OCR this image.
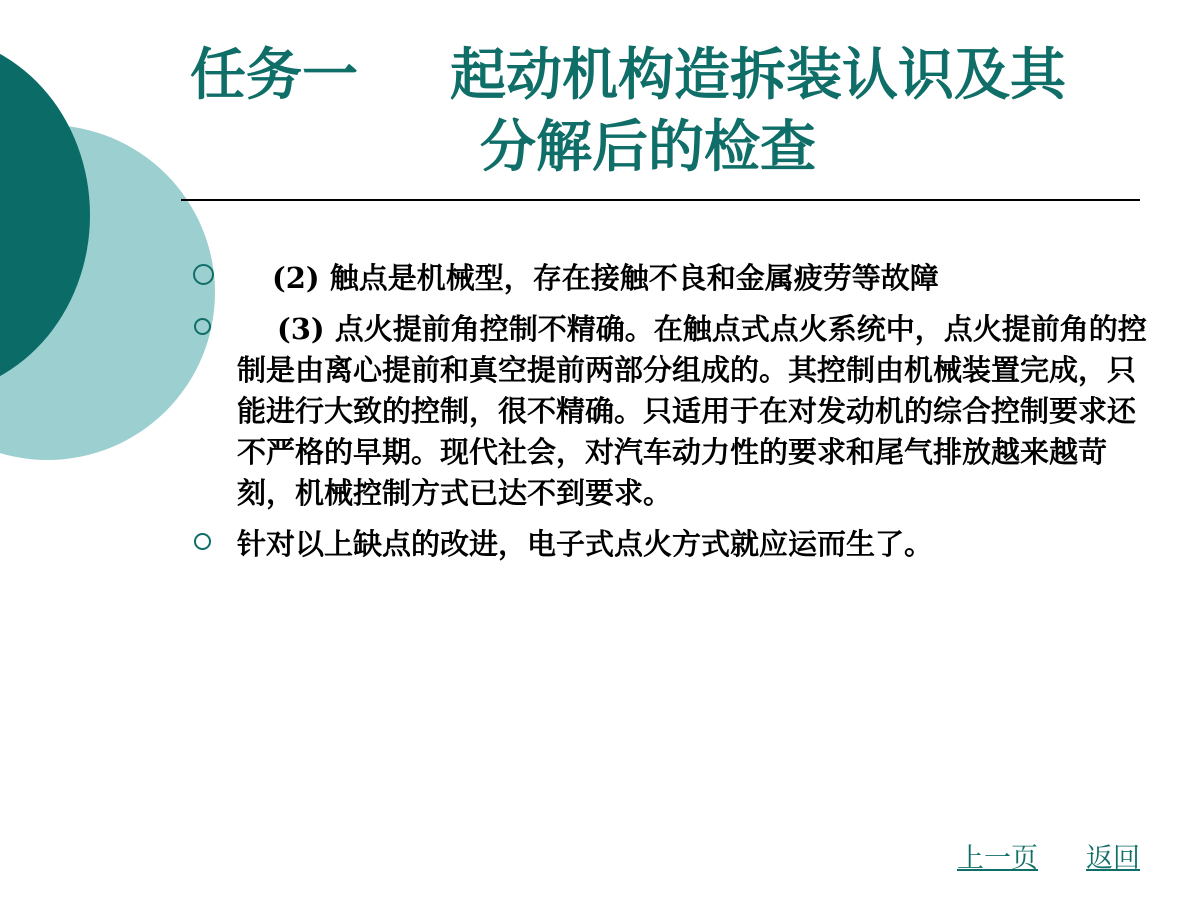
任务一 起动机构造拆装认识及其
分解后的检查
(2) 触点是机械型，存在接触不良和金属疲劳等故障
(3) 点火提前角控制不精确。在触点式点火系统中，点火提前角的控制是由离心提前和真空提前两部分组成的。其控制由机械装置完成，只能进行大致的控制，很不精确。只适用于在对发动机的综合控制要求还不严格的早期。现代社会，对汽车动力性的要求和尾气排放越来越苛刻，机械控制方式已达不到要求。
针对以上缺点的改进，电子式点火方式就应运而生了。
上一页 返回
